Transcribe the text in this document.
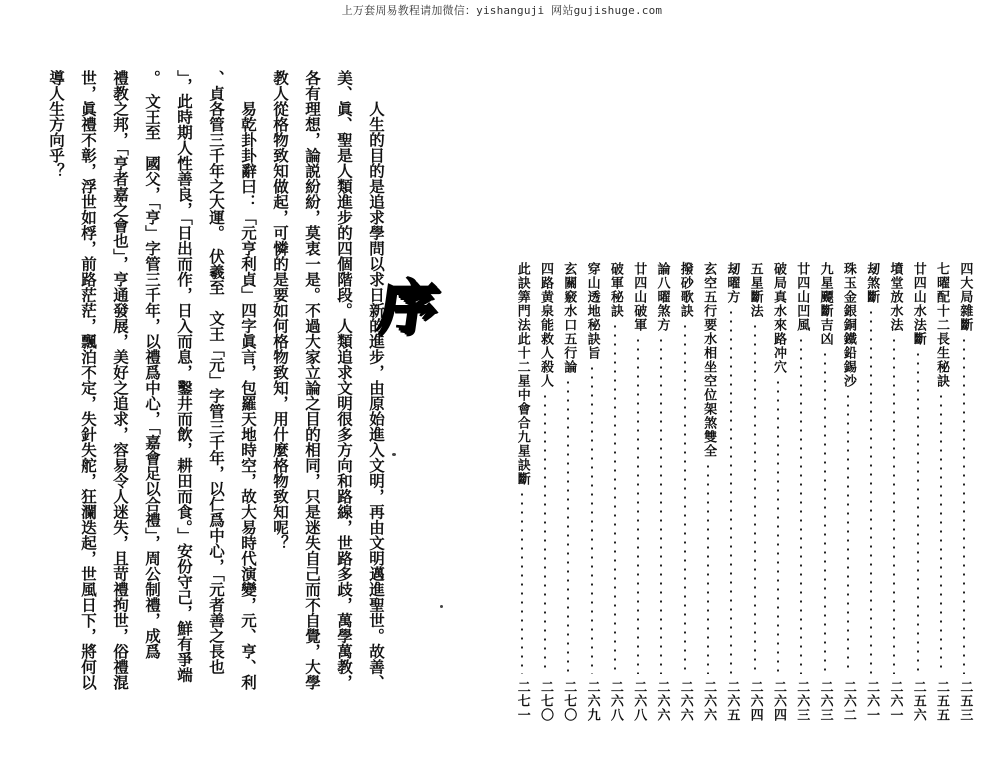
上万套周易教程请加微信：yishanguji 网站gujishuge.com
　　人生的目的是追求學問以求日新的進步，由原始進入文明，再由文明邁進聖世。故善、
美、眞、聖是人類進步的四個階段。人類追求文明很多方向和路線，世路多歧，萬學萬教，
各有理想，論説紛紛，莫衷一是。不過大家立論之目的相同，只是迷失自己而不自覺，大學
教人從格物致知做起，可憐的是要如何格物致知，用什麼格物致知呢？
　　易乾卦卦辭曰：「元亨利貞」四字眞言，包羅天地時空，故大易時代演變，元、亨、利
、貞各管三千年之大運。　伏羲至　文王「元」字管三千年，以仁爲中心，「元者善之長也
」，此時期人性善良，「日出而作，日入而息，鑿井而飲，耕田而食。」安份守己，鮮有爭端
。　文王至　國父，「亨」字管三千年，以禮爲中心，「嘉會足以合禮」，周公制禮，成爲
禮教之邦，「亨者嘉之會也」，亨通發展，美好之追求，容易令人迷失，且苛禮拘世，俗禮混
世，眞禮不彰，浮世如桴，前路茫茫，飄泊不定，失針失舵，狂瀾迭起，世風日下，將何以
導人生方向乎？
序	四大局雜斷
二五三
七曜配十二長生秘訣
二五五
廿四山水法斷
二五六
墳堂放水法
二六一
刼煞斷
二六一
珠玉金銀銅鐵鉛錫沙
二六二
九星飃斷吉凶
二六三
廿四山凹風
二六三
破局真水來路冲穴
二六四
五星斷法
二六四
刼曜方
二六五
玄空五行要水相坐空位架煞雙全
二六六
撥砂歌訣
二六六
論八曜煞方
二六六
廿四山破軍
二六八
破軍秘訣
二六八
穿山透地秘訣旨
二六九
玄關竅水口五行論
二七〇
四路黄泉能救人殺人
二七〇
此訣筭門法此十二星中會合九星訣斷
二七一
